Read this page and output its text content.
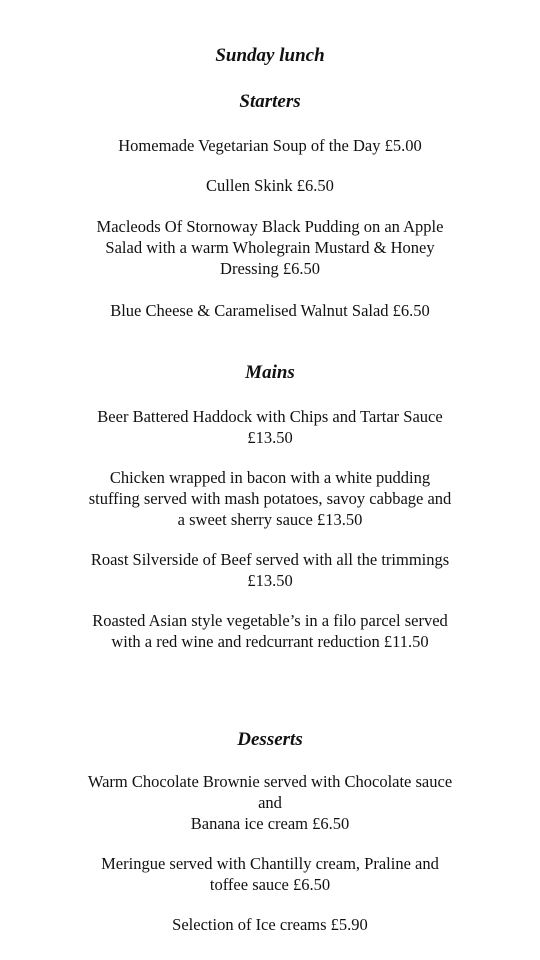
Sunday lunch
Starters

Homemade Vegetarian Soup of the Day £5.00

Cullen Skink £6.50

Macleods Of Stornoway Black Pudding on an Apple
Salad with a warm Wholegrain Mustard & Honey
Dressing £6.50

Blue Cheese & Caramelised Walnut Salad £6.50

Mains

Beer Battered Haddock with Chips and Tartar Sauce
£13.50

Chicken wrapped in bacon with a white pudding
stuffing served with mash potatoes, savoy cabbage and
a sweet sherry sauce £13.50

Roast Silverside of Beef served with all the trimmings
£13.50

Roasted Asian style vegetable’s in a filo parcel served
with a red wine and redcurrant reduction £11.50

Desserts

Warm Chocolate Brownie served with Chocolate sauce
and
Banana ice cream £6.50

Meringue served with Chantilly cream, Praline and
toffee sauce £6.50

Selection of Ice creams £5.90
